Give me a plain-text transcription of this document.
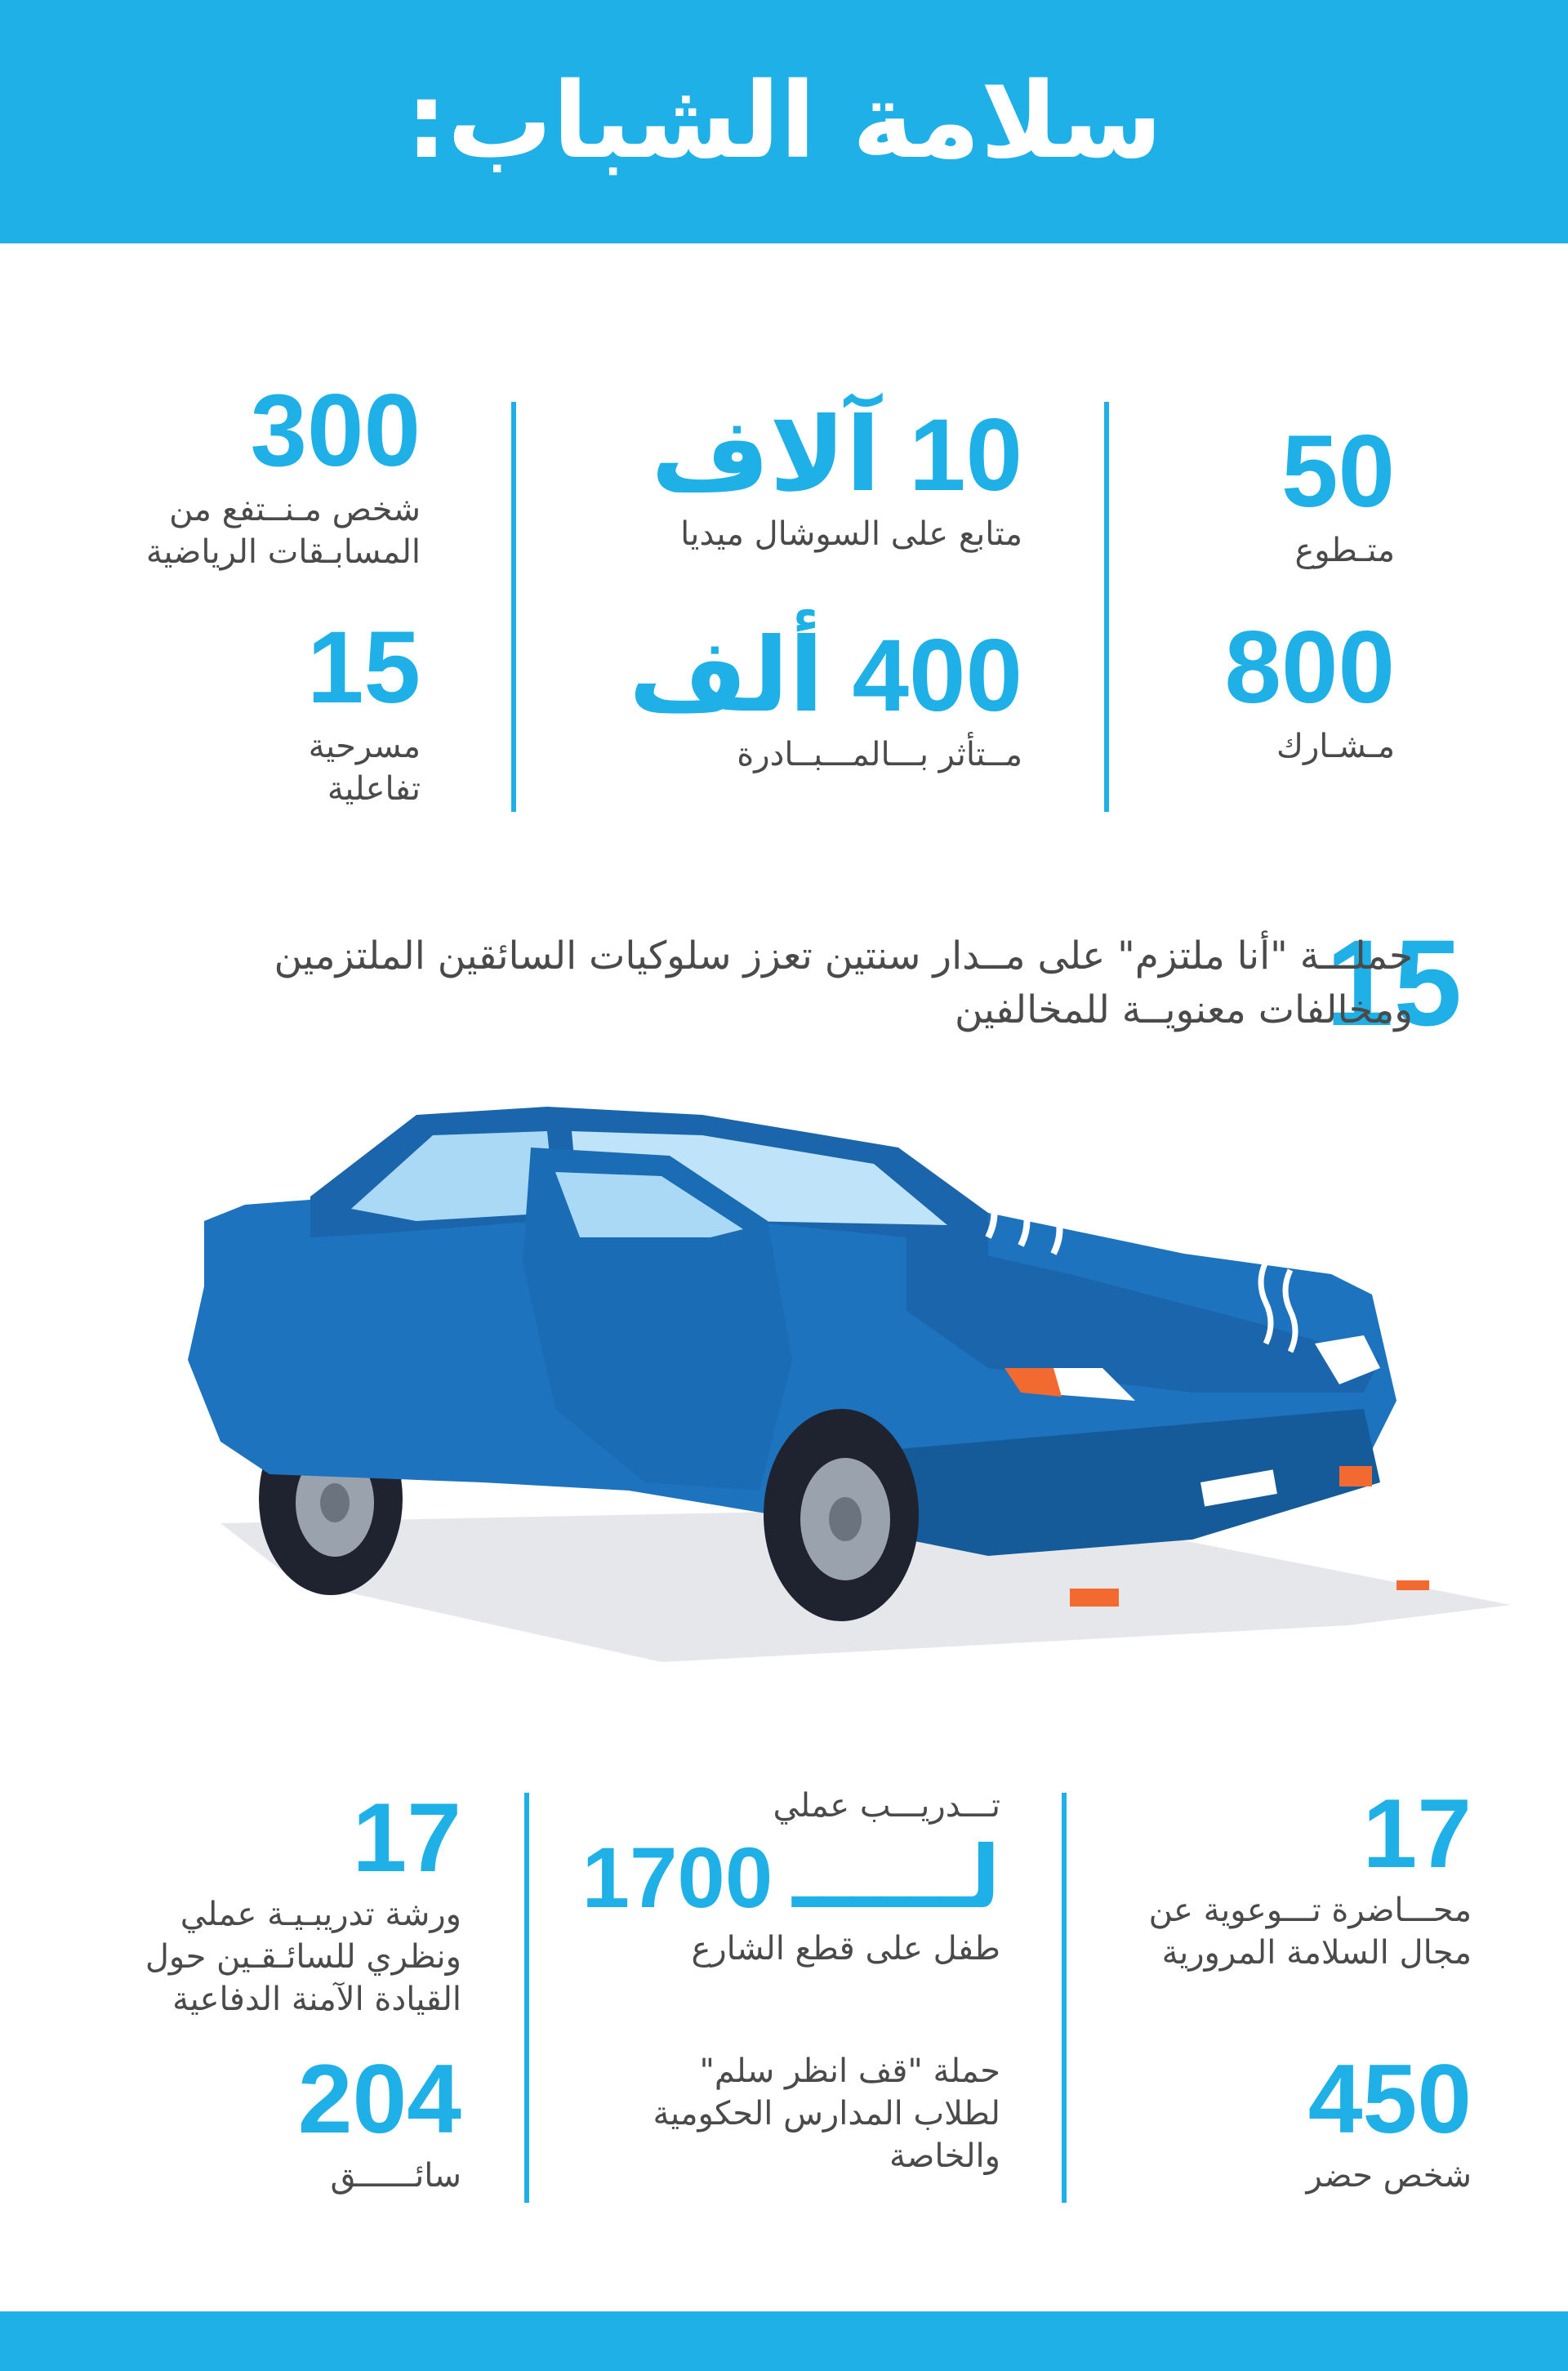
سلامة الشباب:
50
متـطوع
800
مـشـارك
10 آلاف
متابع على السوشال ميديا
400 ألف
مــتأثر بـــالمـــبــادرة
300
شخص مـنــتفع من
المسابـقات الرياضية
15
مسرحية
تفاعلية
15
حملـــة "أنا ملتزم" على مــدار سنتين تعزز سلوكيات السائقين الملتزمين ومخالفات معنويــة للمخالفين
17
محـــاضرة تـــوعوية عن
مجال السلامة المرورية
450
شخص حضر
تـــدريـــب عملي
لــــــ
1700
طفل على قطع الشارع
حملة "قف انظر سلم"
لطلاب المدارس الحكومية
والخاصة
17
ورشة تدريبـيـة عملي
ونظري للسائـقـين حول
القيادة الآمنة الدفاعية
204
سائــــــق
